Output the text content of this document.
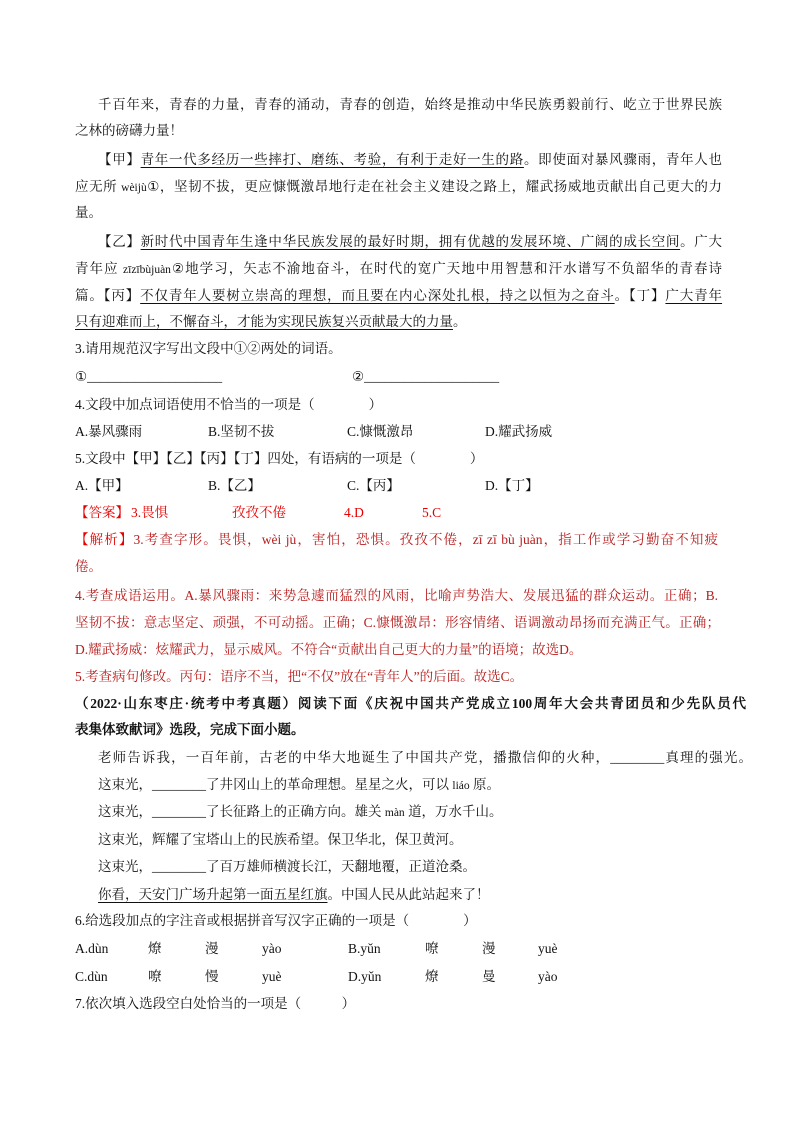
千百年来，青春的力量，青春的涌动，青春的创造，始终是推动中华民族勇毅前行、屹立于世界民族
之林的磅礴力量！
【甲】青年一代多经历一些摔打、磨练、考验，有利于走好一生的路。即使面对暴风骤雨，青年人也
应无所 wèijù①，坚韧不拔，更应慷慨激昂地行走在社会主义建设之路上，耀武扬威地贡献出自己更大的力
量。
【乙】新时代中国青年生逢中华民族发展的最好时期，拥有优越的发展环境、广阔的成长空间。广大
青年应 zīzībùjuàn②地学习，矢志不渝地奋斗，在时代的宽广天地中用智慧和汗水谱写不负韶华的青春诗
篇。【丙】不仅青年人要树立崇高的理想，而且要在内心深处扎根，持之以恒为之奋斗。【丁】广大青年
只有迎难而上，不懈奋斗，才能为实现民族复兴贡献最大的力量。
3.请用规范汉字写出文段中①②两处的词语。
①____________________	②____________________
4.文段中加点词语使用不恰当的一项是（　　　　）
A.暴风骤雨	B.坚韧不拔	C.慷慨激昂	D.耀武扬威
5.文段中【甲】【乙】【丙】【丁】四处，有语病的一项是（　　　　）
A.【甲】	B.【乙】	C.【丙】	D.【丁】
【答案】 3.畏惧	孜孜不倦	4.D	5.C
【解析】3.考查字形。畏惧，wèi jù，害怕，恐惧。孜孜不倦，zī zī bù juàn，指工作或学习勤奋不知疲
倦。
4.考查成语运用。A.暴风骤雨：来势急遽而猛烈的风雨，比喻声势浩大、发展迅猛的群众运动。正确；B.
坚韧不拔：意志坚定、顽强，不可动摇。正确；C.慷慨激昂：形容情绪、语调激动昂扬而充满正气。正确；
D.耀武扬威：炫耀武力，显示威风。不符合“贡献出自己更大的力量”的语境；故选D。
5.考查病句修改。丙句：语序不当，把“不仅”放在“青年人”的后面。故选C。
（2022·山东枣庄·统考中考真题）阅读下面《庆祝中国共产党成立100周年大会共青团员和少先队员代
表集体致献词》选段，完成下面小题。
老师告诉我，一百年前，古老的中华大地诞生了中国共产党，播撒信仰的火种，________真理的强光。
这束光，________了井冈山上的革命理想。星星之火，可以 liáo 原。
这束光，________了长征路上的正确方向。雄关 màn 道，万水千山。
这束光，辉耀了宝塔山上的民族希望。保卫华北，保卫黄河。
这束光，________了百万雄师横渡长江，天翻地覆，正道沧桑。
你看，天安门广场升起第一面五星红旗。中国人民从此站起来了！
6.给选段加点的字注音或根据拼音写汉字正确的一项是（　　　　）
A.dùn	燎	漫	yào	B.yǔn	嘹	漫	yuè
C.dùn	嘹	慢	yuè	D.yǔn	燎	曼	yào
7.依次填入选段空白处恰当的一项是（　　　）
